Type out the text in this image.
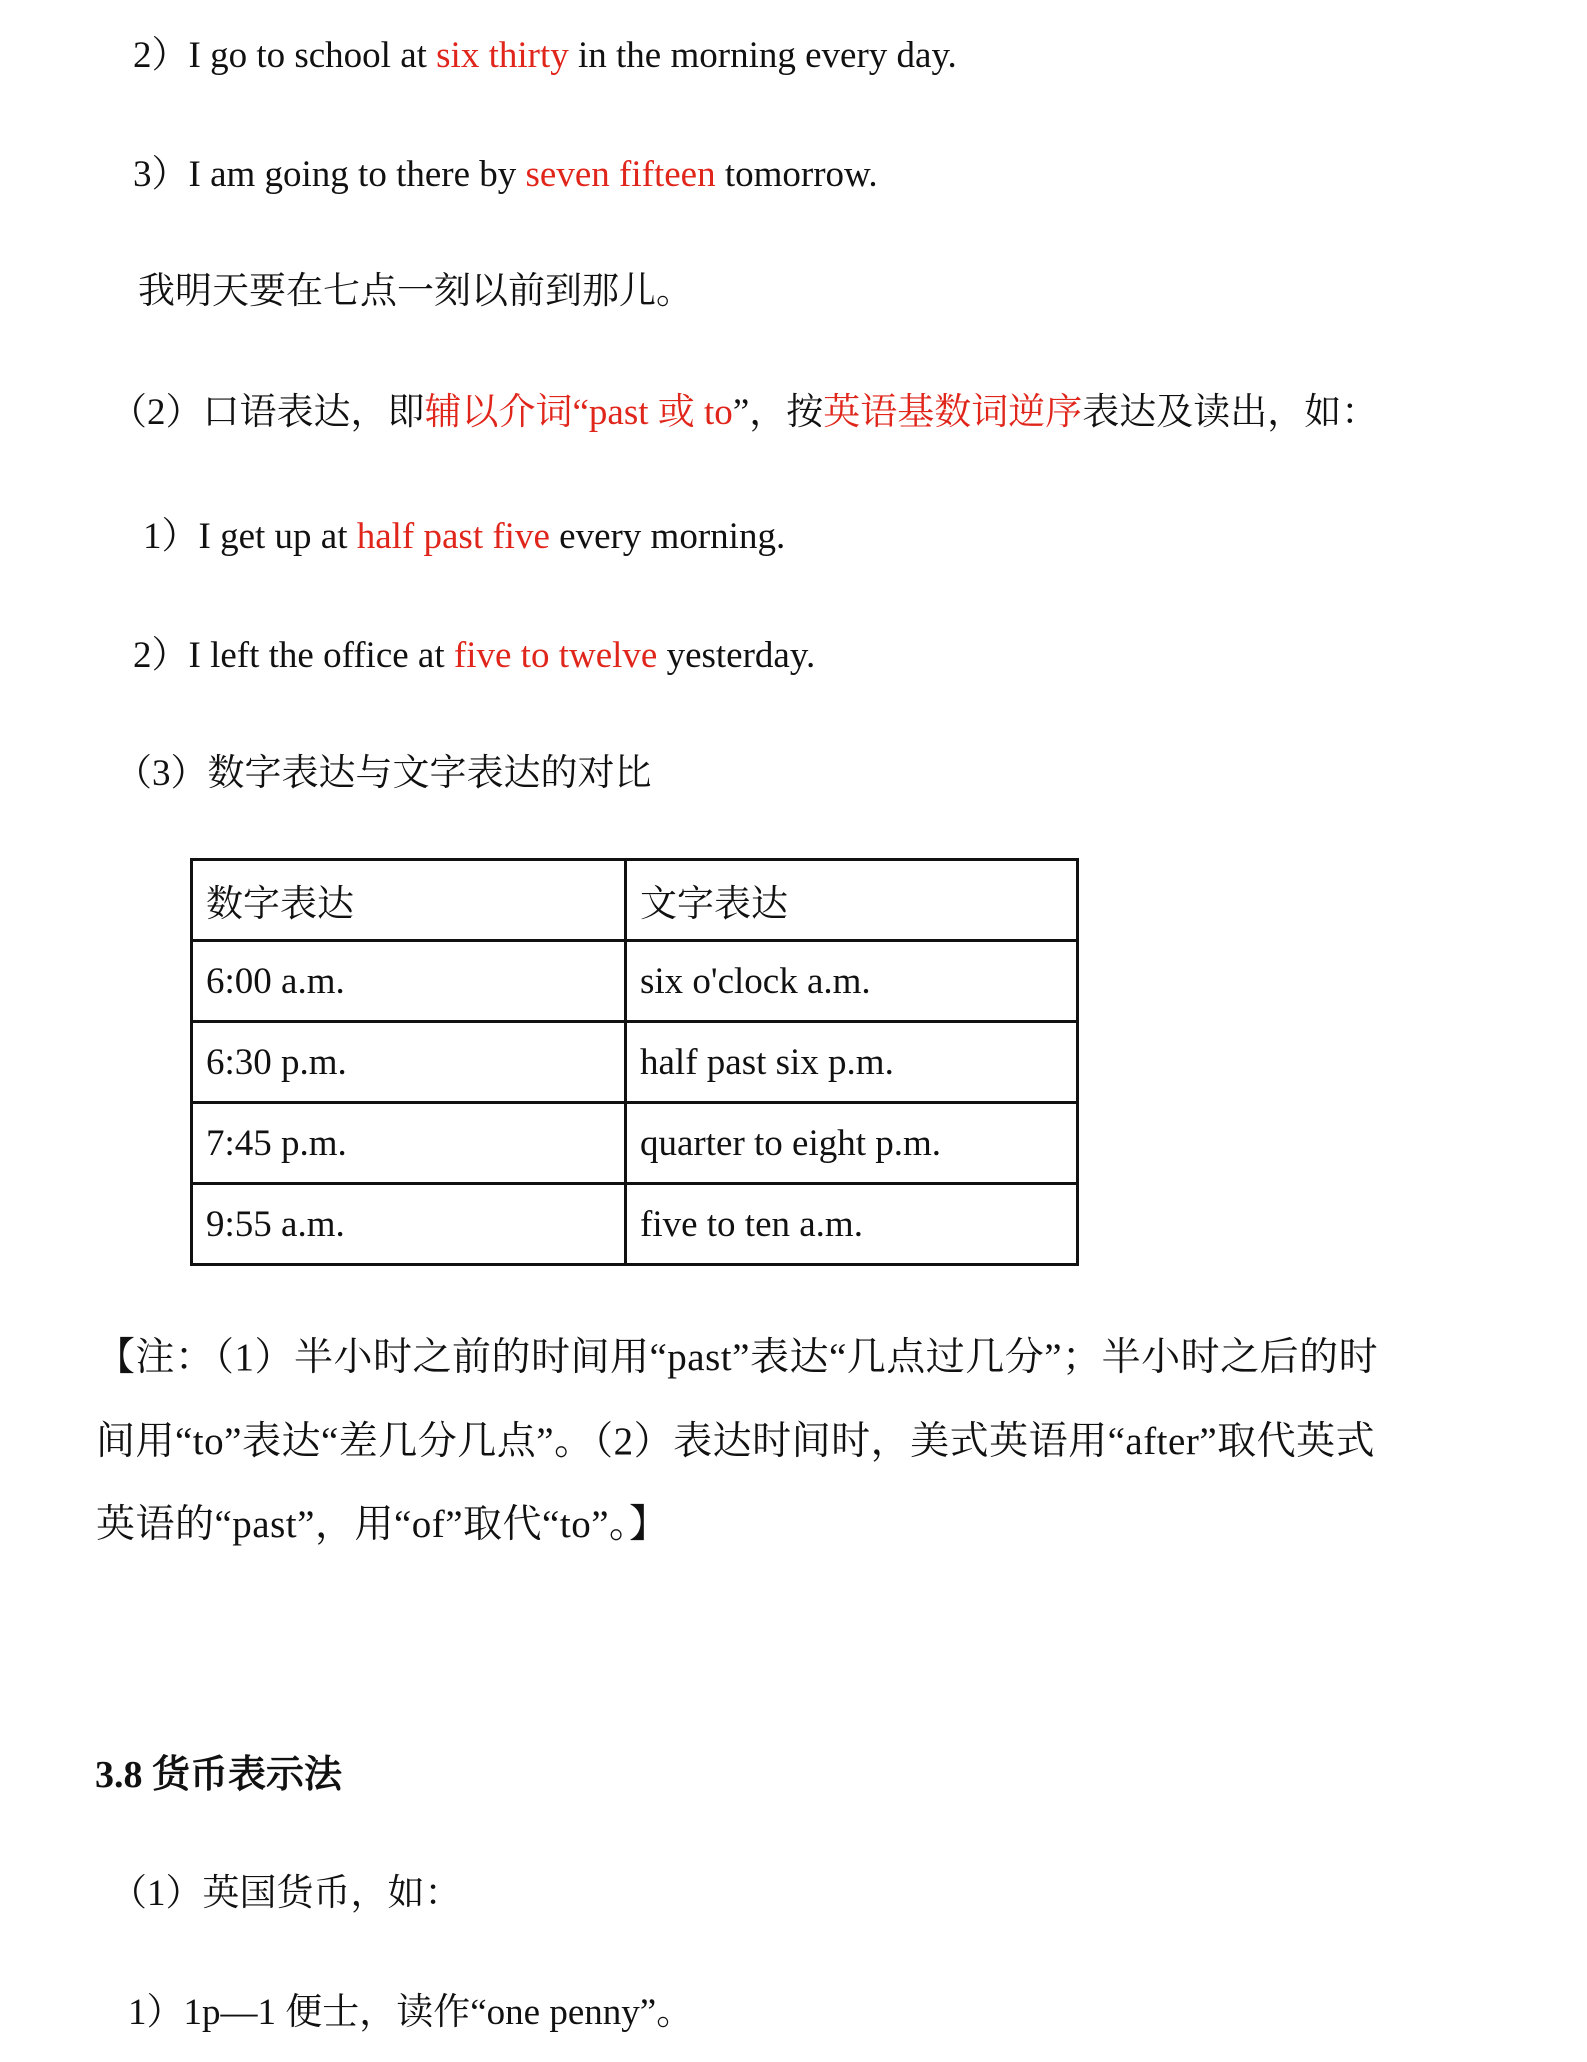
2）I go to school at six thirty in the morning every day.
3）I am going to there by seven fifteen tomorrow.
我明天要在七点一刻以前到那儿。
（2）口语表达，即辅以介词“past 或 to”，按英语基数词逆序表达及读出，如：
1）I get up at half past five every morning.
2）I left the office at five to twelve yesterday.
（3）数字表达与文字表达的对比
数字表达	文字表达
6:00 a.m.	six o'clock a.m.
6:30 p.m.	half past six p.m.
7:45 p.m.	quarter to eight p.m.
9:55 a.m.	five to ten a.m.
【注：（1）半小时之前的时间用“past”表达“几点过几分”；半小时之后的时
间用“to”表达“差几分几点”。（2）表达时间时，美式英语用“after”取代英式
英语的“past”，用“of”取代“to”。】
3.8 货币表示法
（1）英国货币，如：
1）1p—1 便士，读作“one penny”。
